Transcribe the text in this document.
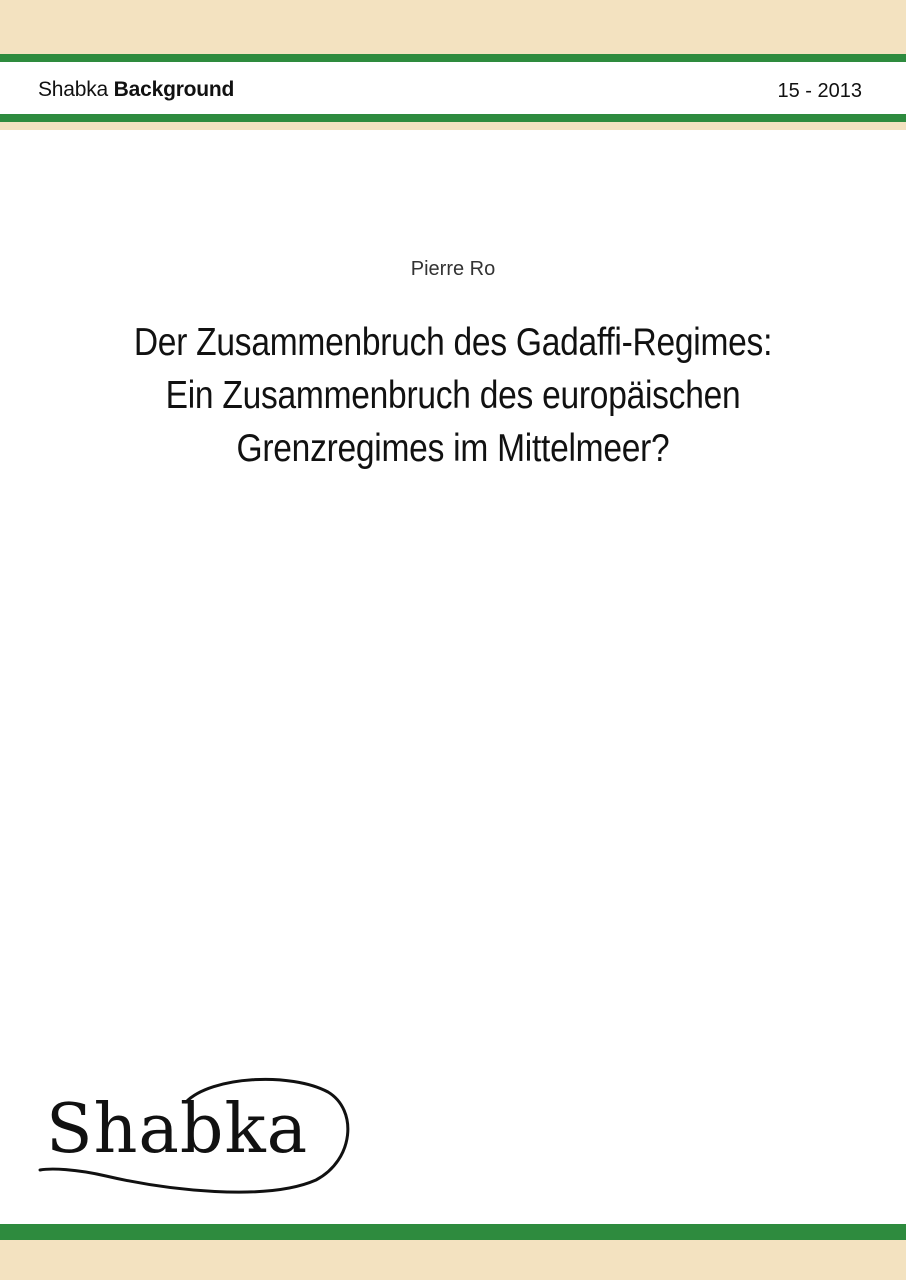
Shabka Background	15 - 2013
Pierre Ro
Der Zusammenbruch des Gadaffi-Regimes:
Ein Zusammenbruch des europäischen
Grenzregimes im Mittelmeer?
Shabka
